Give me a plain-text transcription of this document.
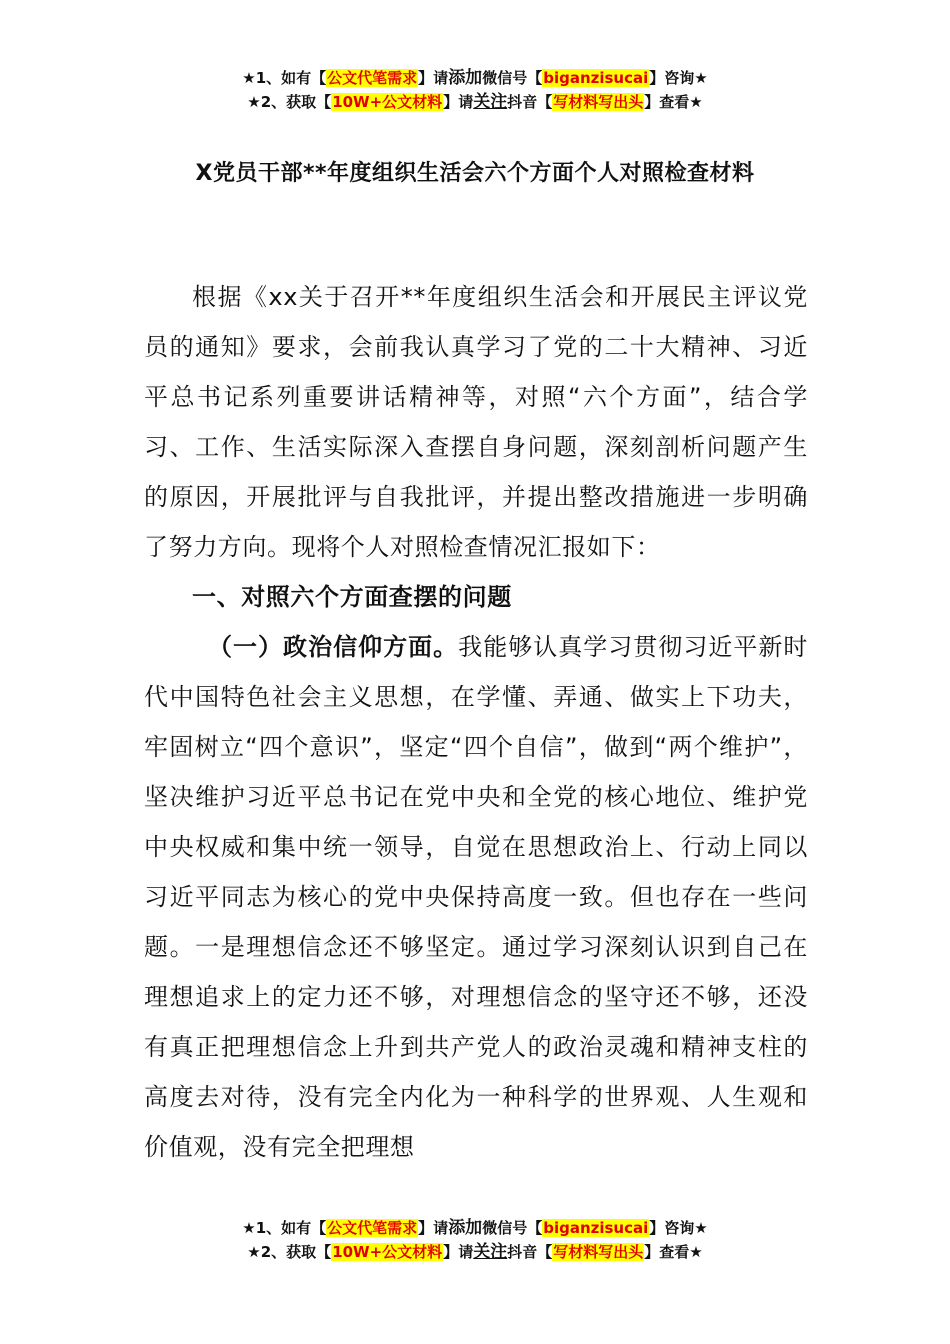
★1、如有【公文代笔需求】请添加微信号【biganzisucai】咨询★
★2、获取【10W+公文材料】请关注抖音【写材料写出头】查看★
X党员干部**年度组织生活会六个方面个人对照检查材料

根据《xx关于召开**年度组织生活会和开展民主评议党员的通知》要求，会前我认真学习了党的二十大精神、习近平总书记系列重要讲话精神等，对照“六个方面”，结合学习、工作、生活实际深入查摆自身问题，深刻剖析问题产生的原因，开展批评与自我批评，并提出整改措施进一步明确了努力方向。现将个人对照检查情况汇报如下：

一、对照六个方面查摆的问题

（一）政治信仰方面。我能够认真学习贯彻习近平新时代中国特色社会主义思想，在学懂、弄通、做实上下功夫，牢固树立“四个意识”，坚定“四个自信”，做到“两个维护”，坚决维护习近平总书记在党中央和全党的核心地位、维护党中央权威和集中统一领导，自觉在思想政治上、行动上同以习近平同志为核心的党中央保持高度一致。但也存在一些问题。一是理想信念还不够坚定。通过学习深刻认识到自己在理想追求上的定力还不够，对理想信念的坚守还不够，还没有真正把理想信念上升到共产党人的政治灵魂和精神支柱的高度去对待，没有完全内化为一种科学的世界观、人生观和价值观，没有完全把理想

★1、如有【公文代笔需求】请添加微信号【biganzisucai】咨询★
★2、获取【10W+公文材料】请关注抖音【写材料写出头】查看★
